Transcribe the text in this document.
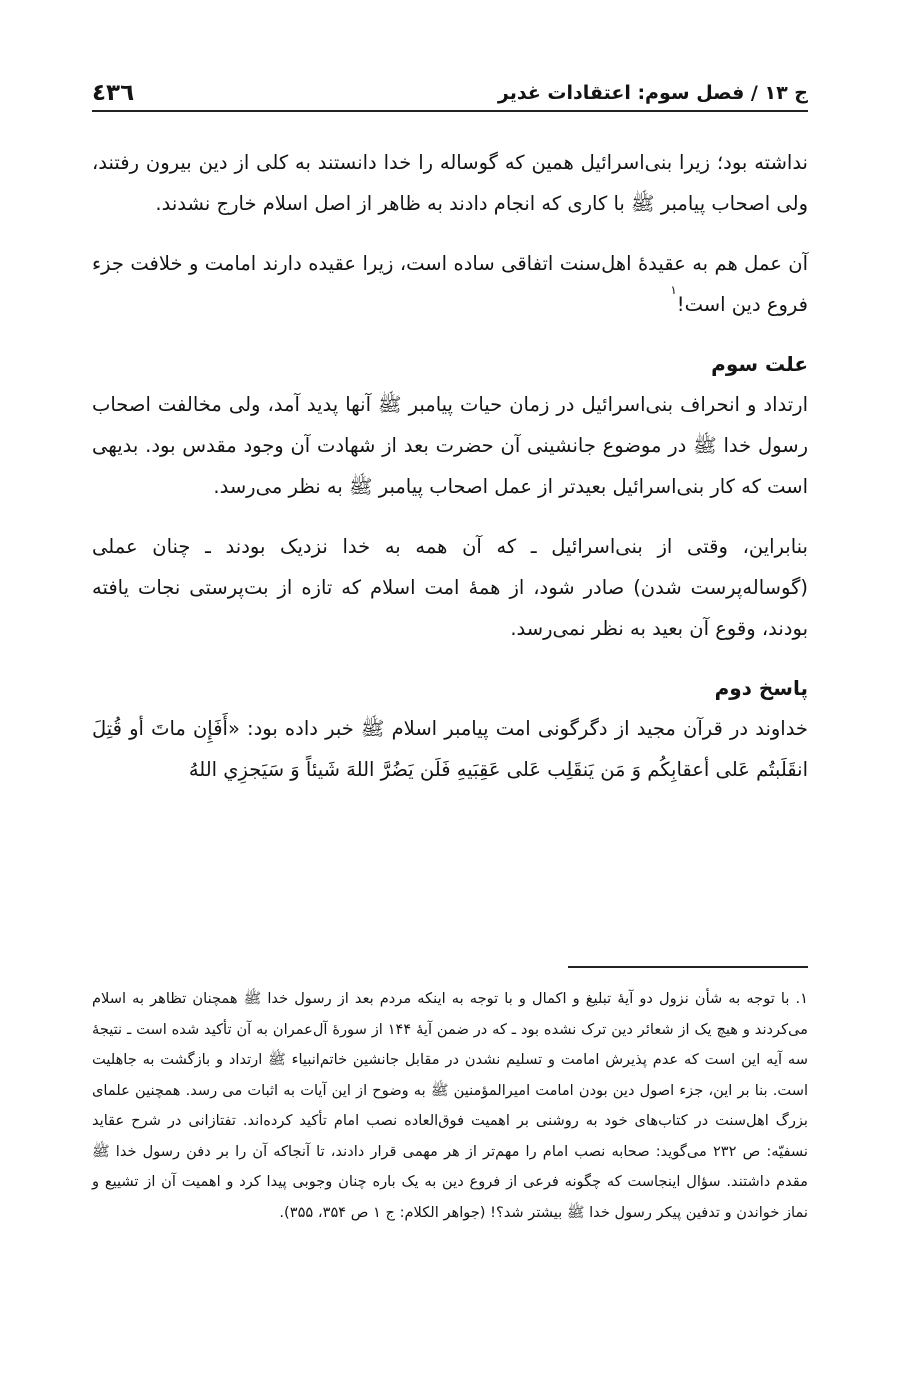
ج ۱۳ / فصل سوم: اعتقادات غدیر
٤٣٦

نداشته بود؛ زیرا بنی‌اسرائیل همین که گوساله را خدا دانستند به کلی از دین بیرون رفتند، ولی اصحاب پیامبر ﷺ با کاری که انجام دادند به ظاهر از اصل اسلام خارج نشدند.

آن عمل هم به عقیدهٔ اهل‌سنت اتفاقی ساده است، زیرا عقیده دارند امامت و خلافت جزء فروع دین است!$^۱$

علت سوم

ارتداد و انحراف بنی‌اسرائیل در زمان حیات پیامبر ﷺ آنها پدید آمد، ولی مخالفت اصحاب رسول خدا ﷺ در موضوع جانشینی آن حضرت بعد از شهادت آن وجود مقدس بود. بدیهی است که کار بنی‌اسرائیل بعیدتر از عمل اصحاب پیامبر ﷺ به نظر می‌رسد.

بنابراین، وقتی از بنی‌اسرائیل ـ که آن همه به خدا نزدیک بودند ـ چنان عملی (گوساله‌پرست شدن) صادر شود، از همهٔ امت اسلام که تازه از بت‌پرستی نجات یافته بودند، وقوع آن بعید به نظر نمی‌رسد.

پاسخ دوم

خداوند در قرآن مجید از دگرگونی امت پیامبر اسلام ﷺ خبر داده بود: «أَفَإِن ماتَ أو قُتِلَ انقَلَبتُم عَلى أعقابِكُم وَ مَن يَنقَلِب عَلى عَقِبَيهِ فَلَن يَضُرَّ اللهَ شَيئاً وَ سَيَجزِي اللهُ

۱. با توجه به شأن نزول دو آیهٔ تبلیغ و اکمال و با توجه به اینکه مردم بعد از رسول خدا ﷺ همچنان تظاهر به اسلام می‌کردند و هیچ یک از شعائر دین ترک نشده بود ـ که در ضمن آیهٔ ۱۴۴ از سورهٔ آل‌عمران به آن تأکید شده است ـ نتیجهٔ سه آیه این است که عدم پذیرش امامت و تسلیم نشدن در مقابل جانشین خاتم‌انبیاء ﷺ ارتداد و بازگشت به جاهلیت است. بنا بر این، جزء اصول دین بودن امامت امیرالمؤمنین ﷺ به وضوح از این آیات به اثبات می رسد. همچنین علمای بزرگ اهل‌سنت در کتاب‌های خود به روشنی بر اهمیت فوق‌العاده نصب امام تأکید کرده‌اند. تفتازانی در شرح عقاید نسفیّه: ص ۲۳۲ می‌گوید: صحابه نصب امام را مهم‌تر از هر مهمی قرار دادند، تا آنجاکه آن را بر دفن رسول خدا ﷺ مقدم داشتند. سؤال اینجاست که چگونه فرعی از فروع دین به یک باره چنان وجوبی پیدا کرد و اهمیت آن از تشییع و نماز خواندن و تدفین پیکر رسول خدا ﷺ بیشتر شد؟! (جواهر الکلام: ج ۱ ص ۳۵۴، ۳۵۵).
